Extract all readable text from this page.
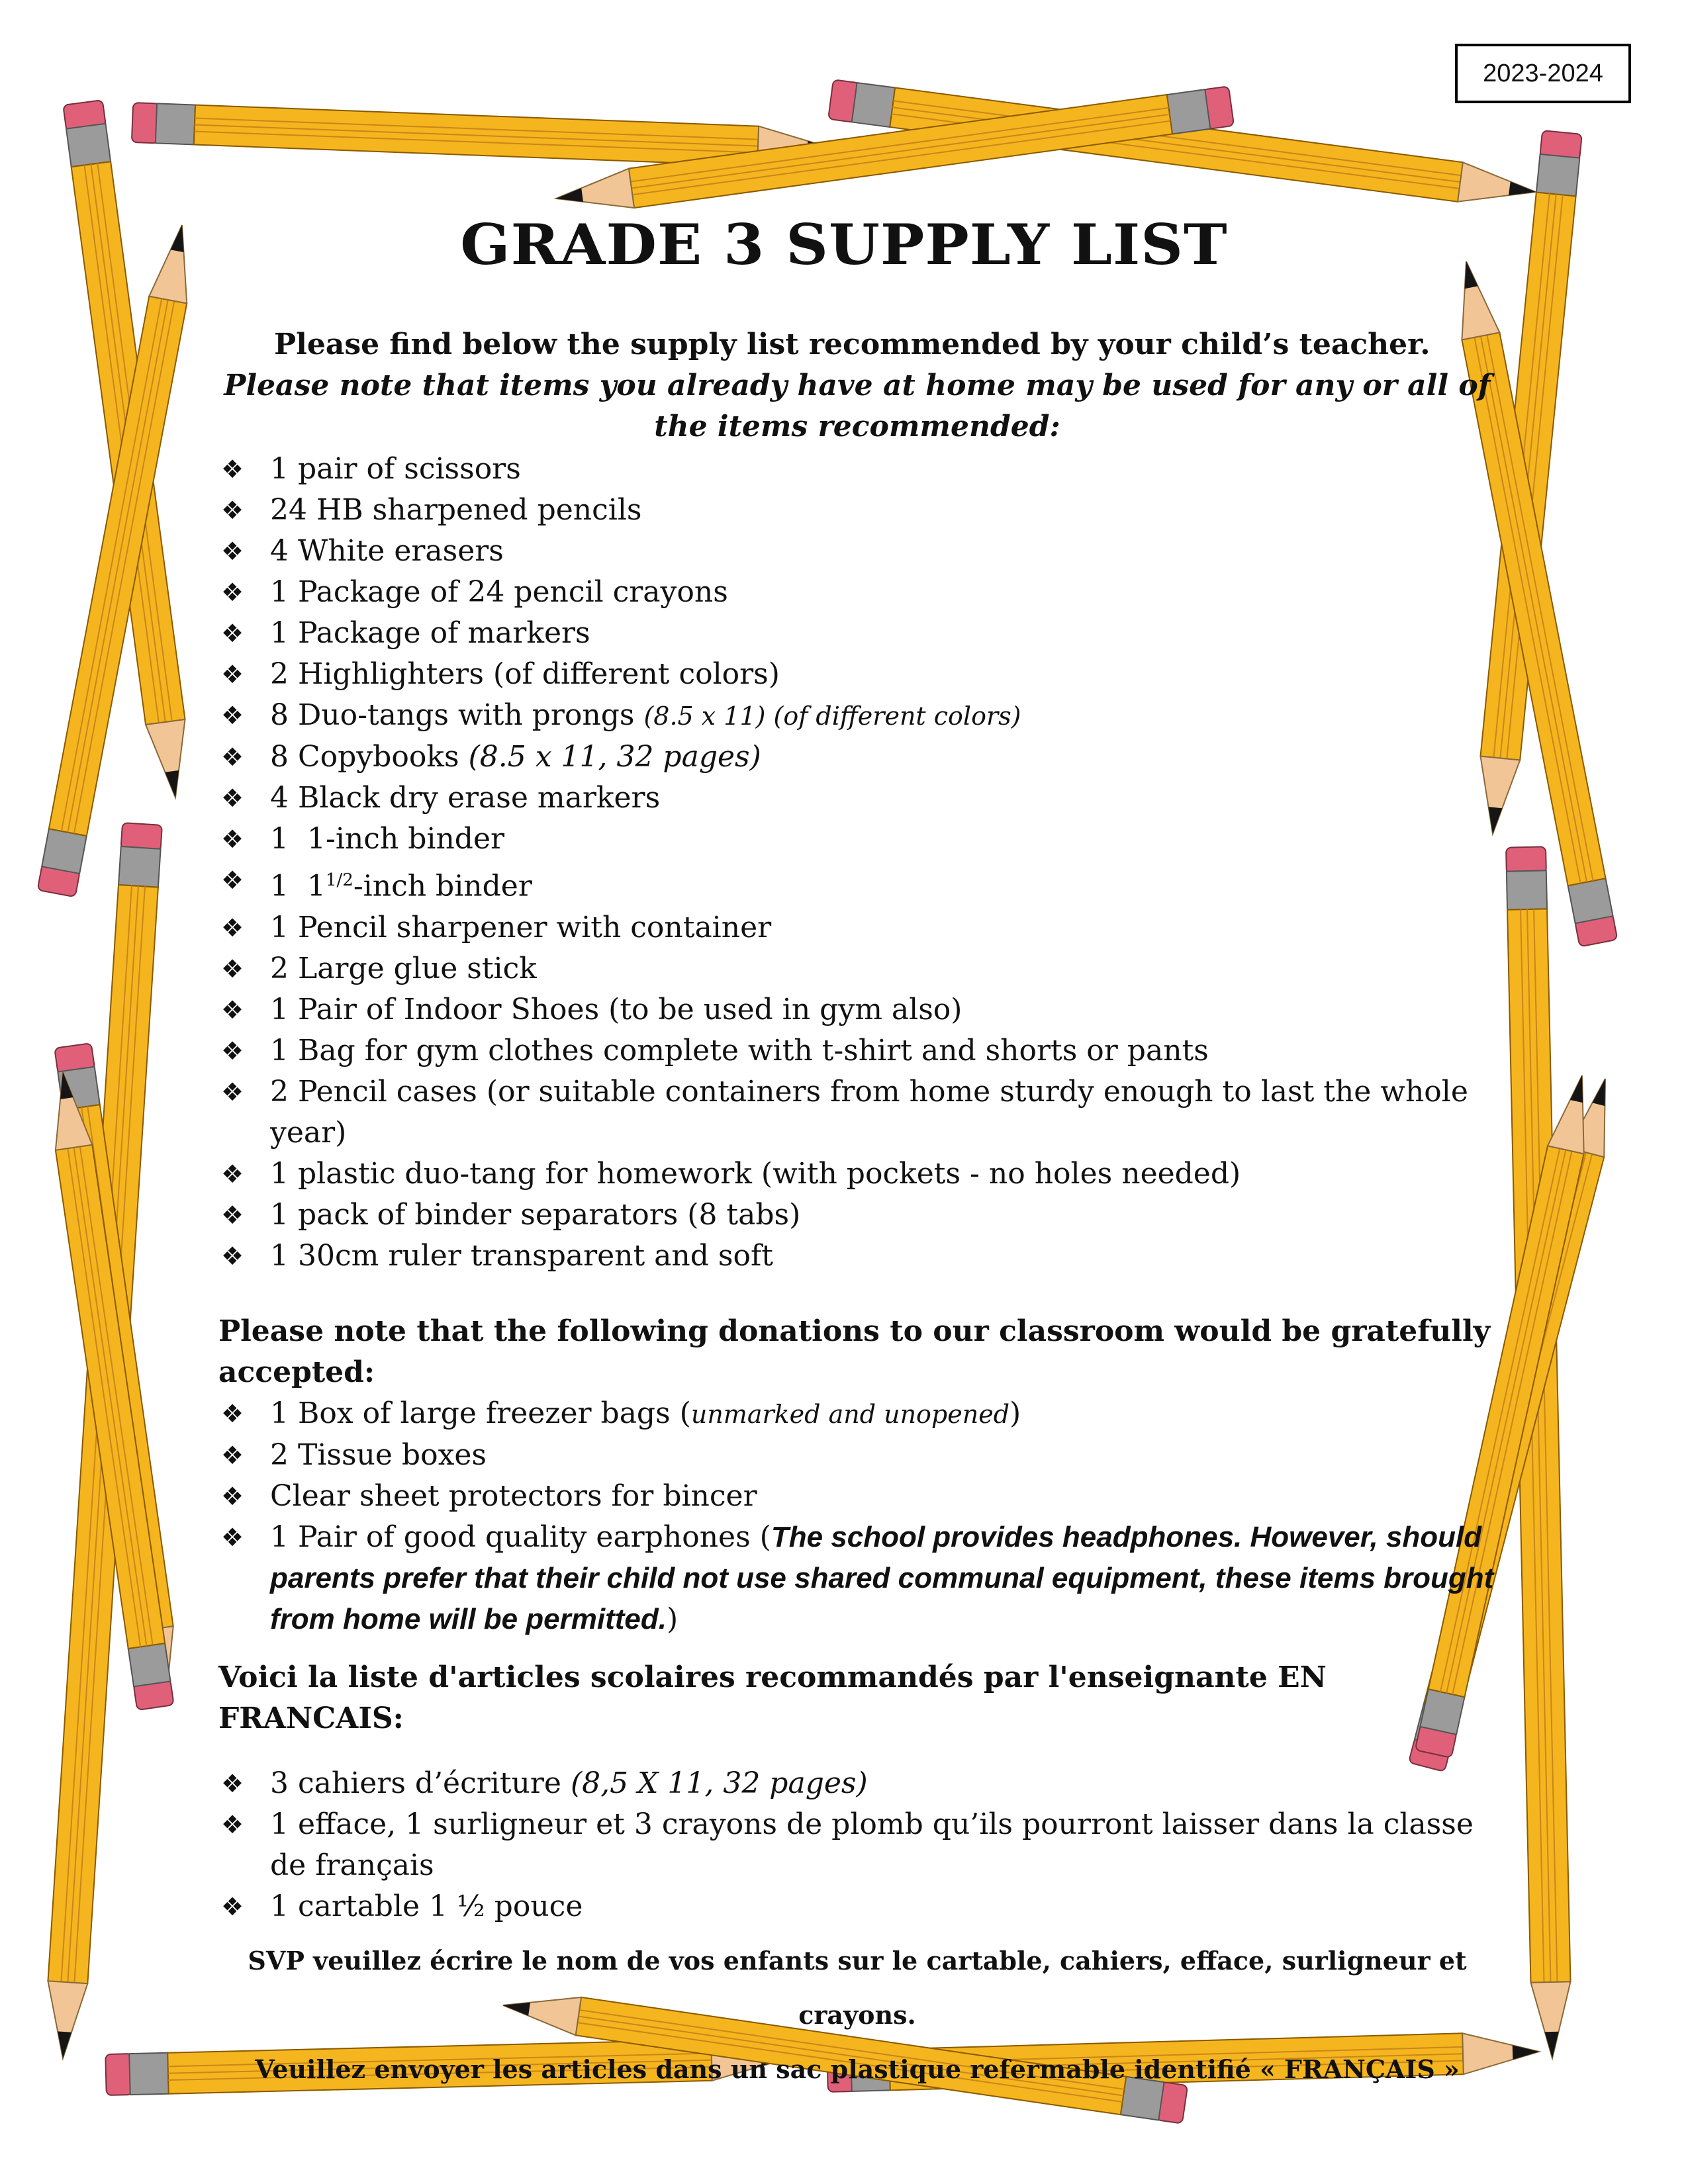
2023-2024
GRADE 3 SUPPLY LIST

Please find below the supply list recommended by your child’s teacher.  Please note that items you already have at home may be used for any or all of the items recommended:

❖ 1 pair of scissors
❖ 24 HB sharpened pencils
❖ 4 White erasers
❖ 1 Package of 24 pencil crayons
❖ 1 Package of markers
❖ 2 Highlighters (of different colors)
❖ 8 Duo-tangs with prongs (8.5 x 11) (of different colors)
❖ 8 Copybooks (8.5 x 11, 32 pages)
❖ 4 Black dry erase markers
❖ 1  1-inch binder
❖ 1  $1^{1/2}$-inch binder
❖ 1 Pencil sharpener with container
❖ 2 Large glue stick
❖ 1 Pair of Indoor Shoes (to be used in gym also)
❖ 1 Bag for gym clothes complete with t-shirt and shorts or pants
❖ 2 Pencil cases (or suitable containers from home sturdy enough to last the whole year)
❖ 1 plastic duo-tang for homework (with pockets - no holes needed)
❖ 1 pack of binder separators (8 tabs)
❖ 1 30cm ruler transparent and soft

Please note that the following donations to our classroom would be gratefully accepted:

❖ 1 Box of large freezer bags (unmarked and unopened)
❖ 2 Tissue boxes
❖ Clear sheet protectors for bincer
❖ 1 Pair of good quality earphones (The school provides headphones. However, should parents prefer that their child not use shared communal equipment, these items brought from home will be permitted.)

Voici la liste d'articles scolaires recommandés par l'enseignante EN FRANCAIS:

❖ 3 cahiers d’écriture (8,5 X 11, 32 pages)
❖ 1 efface, 1 surligneur et 3 crayons de plomb qu’ils pourront laisser dans la classe de français
❖ 1 cartable 1 ½ pouce

SVP veuillez écrire le nom de vos enfants sur le cartable, cahiers, efface, surligneur et crayons.

Veuillez envoyer les articles dans un sac plastique refermable identifié « FRANÇAIS »
